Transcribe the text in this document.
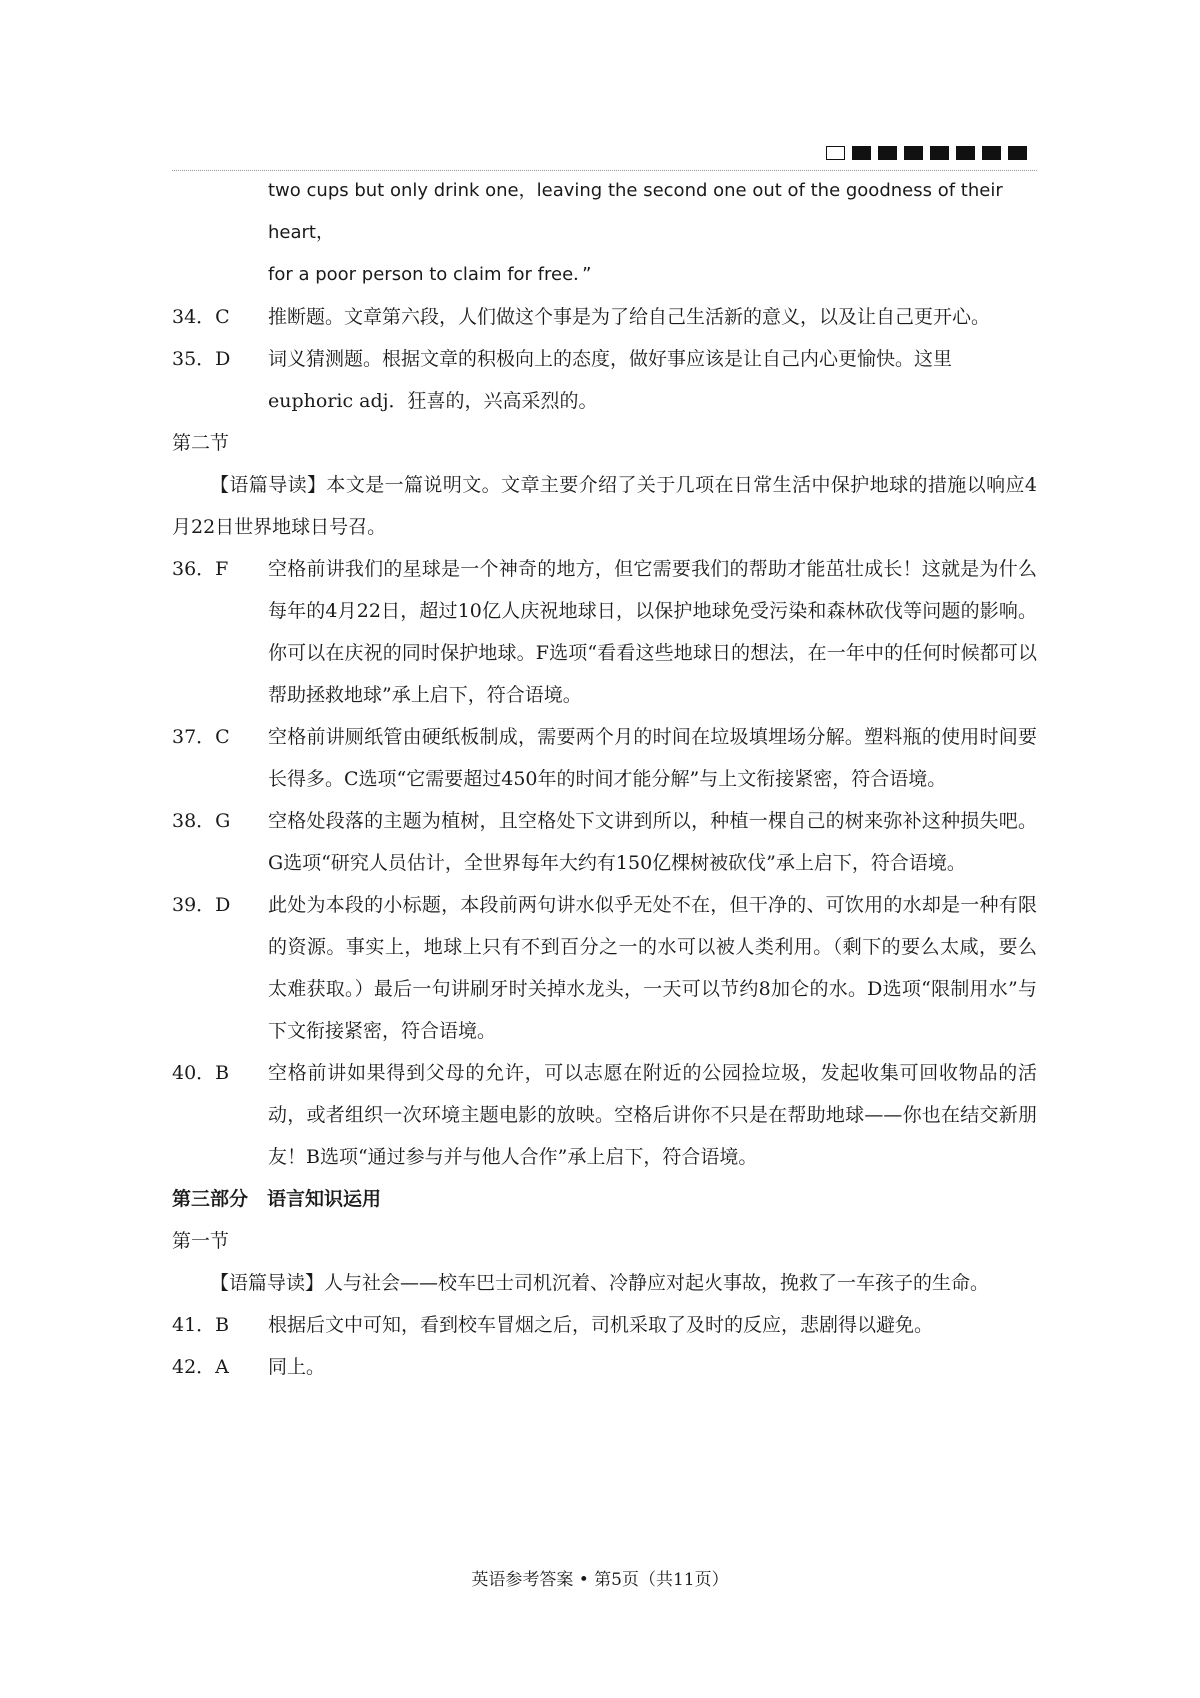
two cups but only drink one，leaving the second one out of the goodness of their heart，
for a poor person to claim for free．”
34．C	推断题。文章第六段，人们做这个事是为了给自己生活新的意义，以及让自己更开心。
35．D	词义猜测题。根据文章的积极向上的态度，做好事应该是让自己内心更愉快。这里
euphoric adj．狂喜的，兴高采烈的。
第二节
【语篇导读】本文是一篇说明文。文章主要介绍了关于几项在日常生活中保护地球的措施以响应4月22日世界地球日号召。
36．F	空格前讲我们的星球是一个神奇的地方，但它需要我们的帮助才能茁壮成长！这就是为什么每年的4月22日，超过10亿人庆祝地球日，以保护地球免受污染和森林砍伐等问题的影响。你可以在庆祝的同时保护地球。F选项“看看这些地球日的想法，在一年中的任何时候都可以帮助拯救地球”承上启下，符合语境。
37．C	空格前讲厕纸管由硬纸板制成，需要两个月的时间在垃圾填埋场分解。塑料瓶的使用时间要长得多。C选项“它需要超过450年的时间才能分解”与上文衔接紧密，符合语境。
38．G	空格处段落的主题为植树，且空格处下文讲到所以，种植一棵自己的树来弥补这种损失吧。G选项“研究人员估计，全世界每年大约有150亿棵树被砍伐”承上启下，符合语境。
39．D	此处为本段的小标题，本段前两句讲水似乎无处不在，但干净的、可饮用的水却是一种有限的资源。事实上，地球上只有不到百分之一的水可以被人类利用。（剩下的要么太咸，要么太难获取。）最后一句讲刷牙时关掉水龙头，一天可以节约8加仑的水。D选项“限制用水”与下文衔接紧密，符合语境。
40．B	空格前讲如果得到父母的允许，可以志愿在附近的公园捡垃圾，发起收集可回收物品的活动，或者组织一次环境主题电影的放映。空格后讲你不只是在帮助地球——你也在结交新朋友！B选项“通过参与并与他人合作”承上启下，符合语境。
第三部分　语言知识运用
第一节
【语篇导读】人与社会——校车巴士司机沉着、冷静应对起火事故，挽救了一车孩子的生命。
41．B	根据后文中可知，看到校车冒烟之后，司机采取了及时的反应，悲剧得以避免。
42．A	同上。
英语参考答案 • 第5页（共11页）
